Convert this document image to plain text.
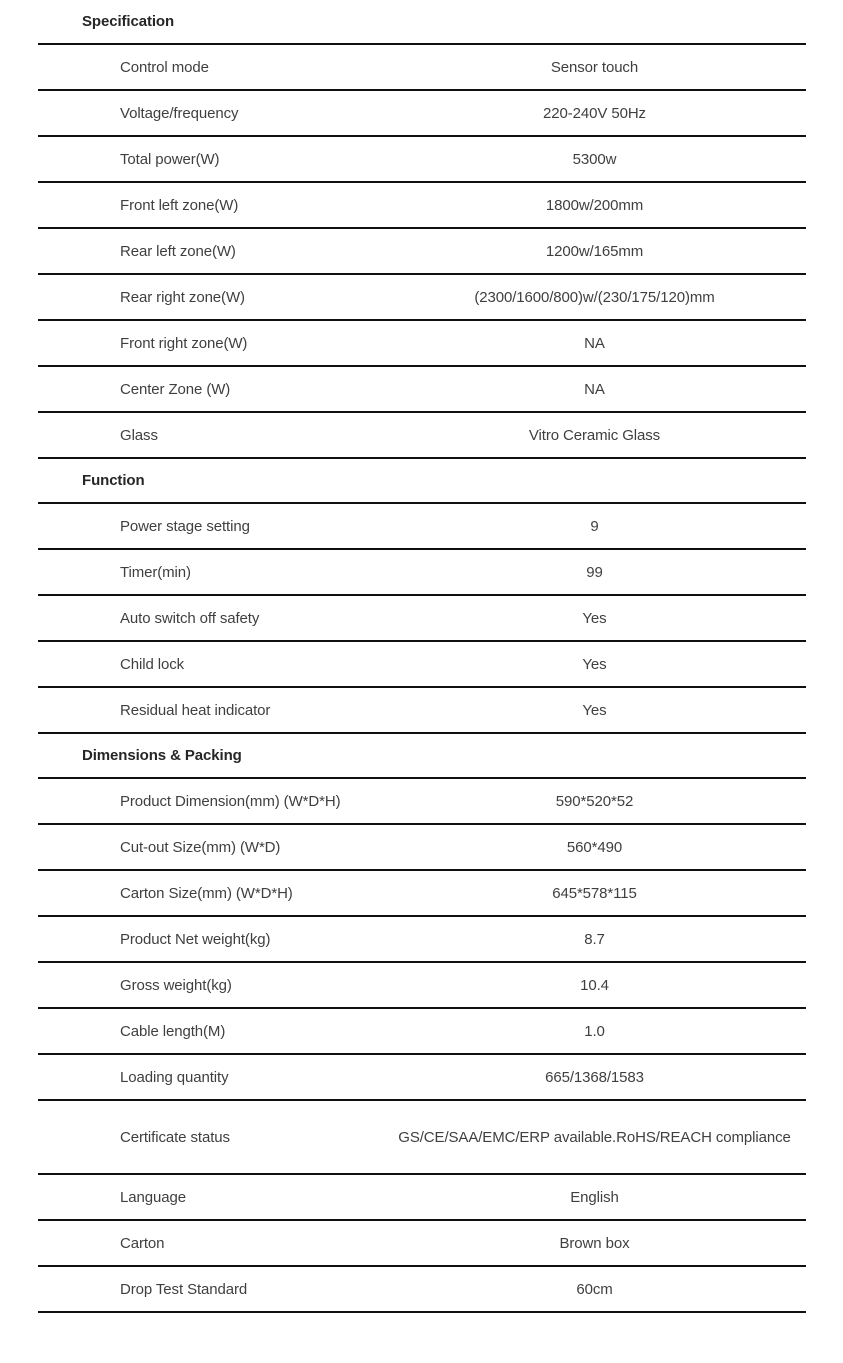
Specification
Control mode	Sensor touch
Voltage/frequency	220-240V 50Hz
Total power(W)	5300w
Front left zone(W)	1800w/200mm
Rear left zone(W)	1200w/165mm
Rear right zone(W)	(2300/1600/800)w/(230/175/120)mm
Front right zone(W)	NA
Center Zone (W)	NA
Glass	Vitro Ceramic Glass
Function
Power stage setting	9
Timer(min)	99
Auto switch off safety	Yes
Child lock	Yes
Residual heat indicator	Yes
Dimensions & Packing
Product Dimension(mm) (W*D*H)	590*520*52
Cut-out Size(mm) (W*D)	560*490
Carton Size(mm) (W*D*H)	645*578*115
Product Net weight(kg)	8.7
Gross weight(kg)	10.4
Cable length(M)	1.0
Loading quantity	665/1368/1583
Certificate status	GS/CE/SAA/EMC/ERP available.RoHS/REACH compliance
Language	English
Carton	Brown box
Drop Test Standard	60cm
